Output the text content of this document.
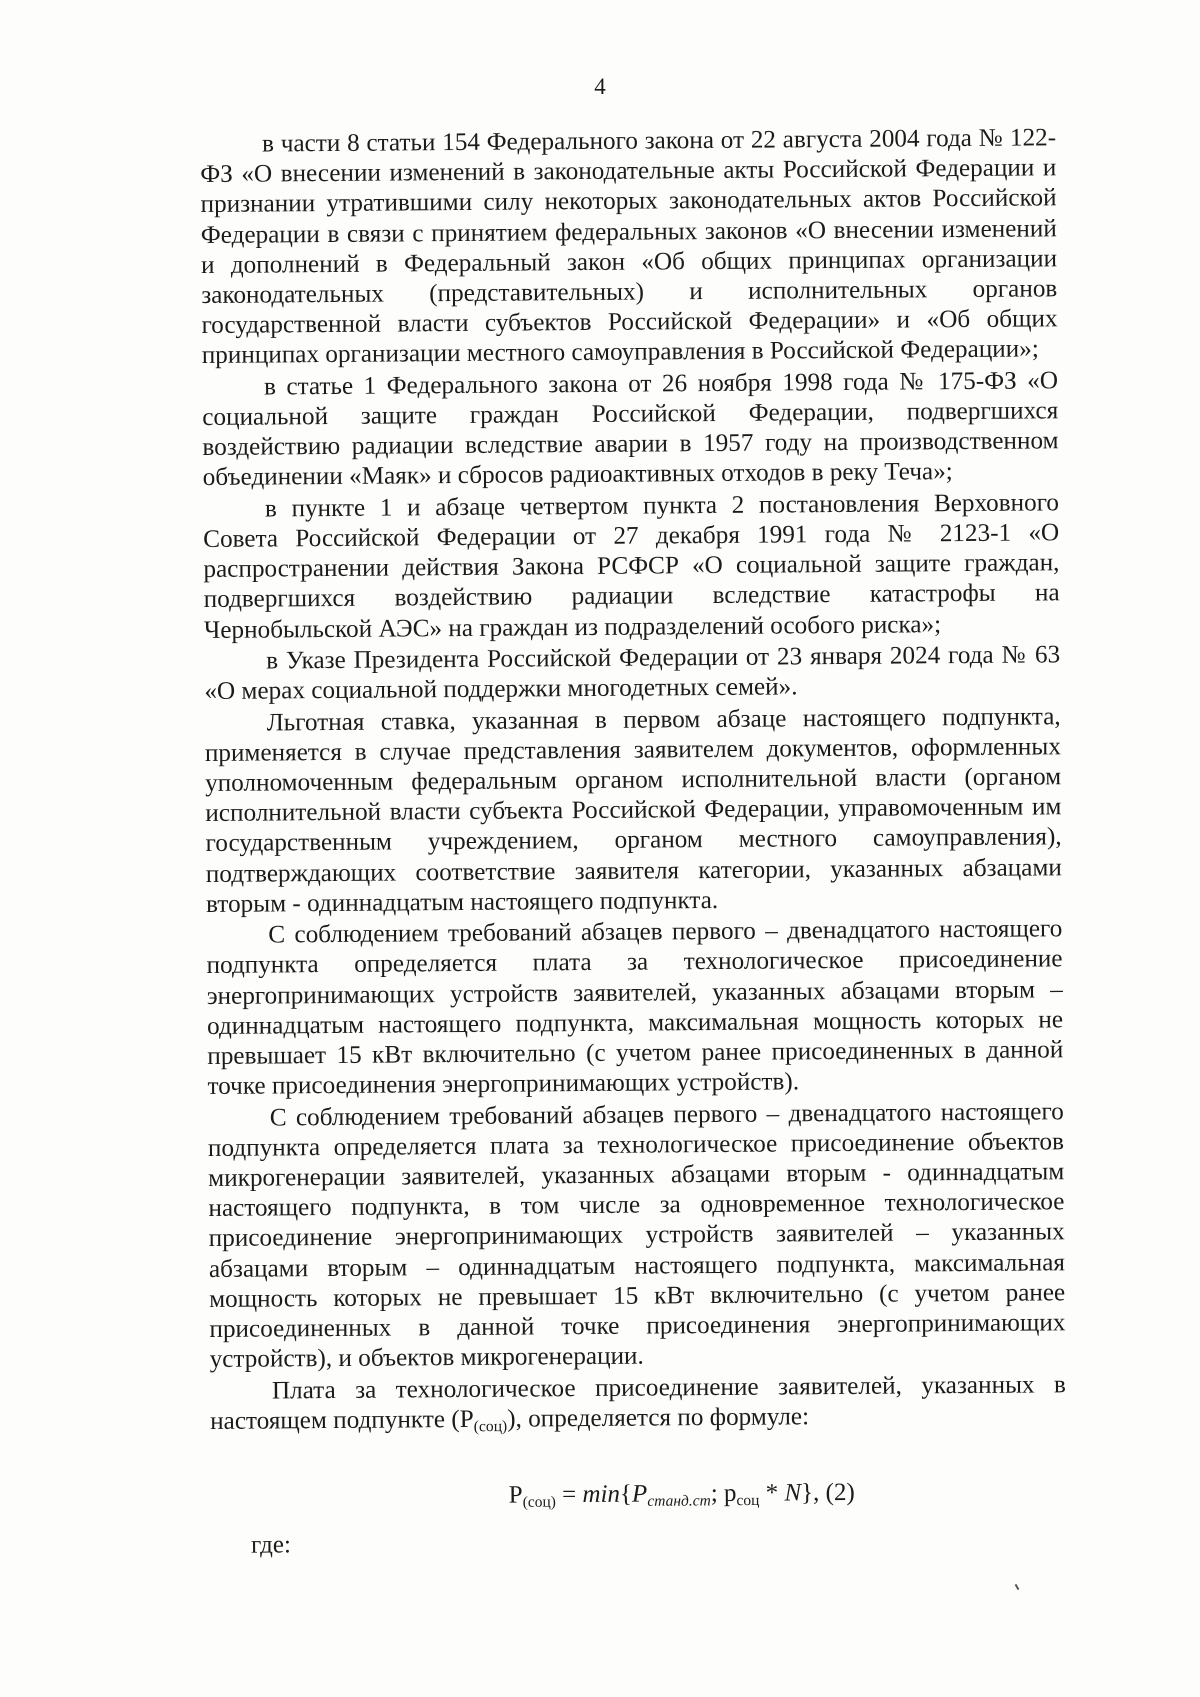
4

в части 8 статьи 154 Федерального закона от 22 августа 2004 года № 122-ФЗ «О внесении изменений в законодательные акты Российской Федерации и признании утратившими силу некоторых законодательных актов Российской Федерации в связи с принятием федеральных законов «О внесении изменений и дополнений в Федеральный закон «Об общих принципах организации законодательных (представительных) и исполнительных органов государственной власти субъектов Российской Федерации» и «Об общих принципах организации местного самоуправления в Российской Федерации»;

в статье 1 Федерального закона от 26 ноября 1998 года № 175-ФЗ «О социальной защите граждан Российской Федерации, подвергшихся воздействию радиации вследствие аварии в 1957 году на производственном объединении «Маяк» и сбросов радиоактивных отходов в реку Теча»;

в пункте 1 и абзаце четвертом пункта 2 постановления Верховного Совета Российской Федерации от 27 декабря 1991 года № 2123-1 «О распространении действия Закона РСФСР «О социальной защите граждан, подвергшихся воздействию радиации вследствие катастрофы на Чернобыльской АЭС» на граждан из подразделений особого риска»;

в Указе Президента Российской Федерации от 23 января 2024 года № 63 «О мерах социальной поддержки многодетных семей».

Льготная ставка, указанная в первом абзаце настоящего подпункта, применяется в случае представления заявителем документов, оформленных уполномоченным федеральным органом исполнительной власти (органом исполнительной власти субъекта Российской Федерации, управомоченным им государственным учреждением, органом местного самоуправления), подтверждающих соответствие заявителя категории, указанных абзацами вторым - одиннадцатым настоящего подпункта.

С соблюдением требований абзацев первого – двенадцатого настоящего подпункта определяется плата за технологическое присоединение энергопринимающих устройств заявителей, указанных абзацами вторым – одиннадцатым настоящего подпункта, максимальная мощность которых не превышает 15 кВт включительно (с учетом ранее присоединенных в данной точке присоединения энергопринимающих устройств).

С соблюдением требований абзацев первого – двенадцатого настоящего подпункта определяется плата за технологическое присоединение объектов микрогенерации заявителей, указанных абзацами вторым - одиннадцатым настоящего подпункта, в том числе за одновременное технологическое присоединение энергопринимающих устройств заявителей – указанных абзацами вторым – одиннадцатым настоящего подпункта, максимальная мощность которых не превышает 15 кВт включительно (с учетом ранее присоединенных в данной точке присоединения энергопринимающих устройств), и объектов микрогенерации.

Плата за технологическое присоединение заявителей, указанных в настоящем подпункте $(P_{(соц)})$, определяется по формуле:

$P_{(соц)} = \min\{P_{станд.ст}$; $p_{соц} * N$}, (2)
где:
